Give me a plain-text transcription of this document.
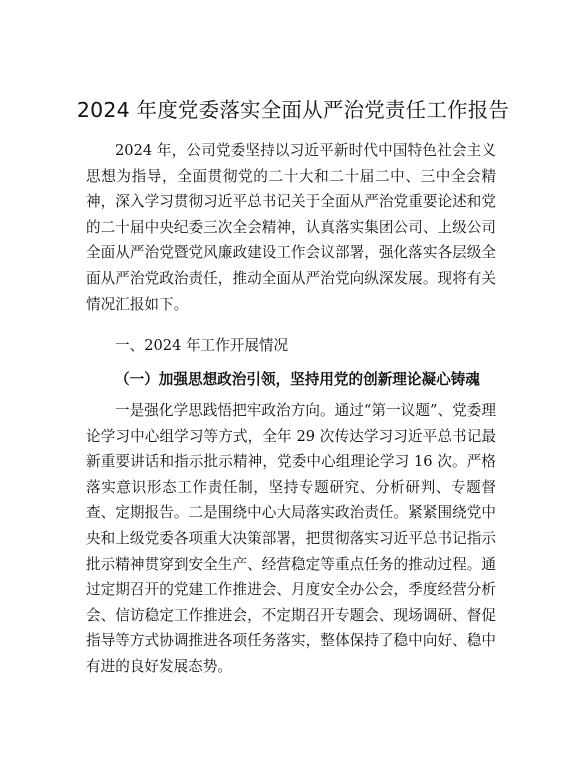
2024 年度党委落实全面从严治党责任工作报告

2024 年，公司党委坚持以习近平新时代中国特色社会主义思想为指导，全面贯彻党的二十大和二十届二中、三中全会精神，深入学习贯彻习近平总书记关于全面从严治党重要论述和党的二十届中央纪委三次全会精神，认真落实集团公司、上级公司全面从严治党暨党风廉政建设工作会议部署，强化落实各层级全面从严治党政治责任，推动全面从严治党向纵深发展。现将有关情况汇报如下。

一、2024 年工作开展情况

（一）加强思想政治引领，坚持用党的创新理论凝心铸魂

一是强化学思践悟把牢政治方向。通过“第一议题”、党委理论学习中心组学习等方式，全年 29 次传达学习习近平总书记最新重要讲话和指示批示精神，党委中心组理论学习 16 次。严格落实意识形态工作责任制，坚持专题研究、分析研判、专题督查、定期报告。二是围绕中心大局落实政治责任。紧紧围绕党中央和上级党委各项重大决策部署，把贯彻落实习近平总书记指示批示精神贯穿到安全生产、经营稳定等重点任务的推动过程。通过定期召开的党建工作推进会、月度安全办公会，季度经营分析会、信访稳定工作推进会，不定期召开专题会、现场调研、督促指导等方式协调推进各项任务落实，整体保持了稳中向好、稳中有进的良好发展态势。
